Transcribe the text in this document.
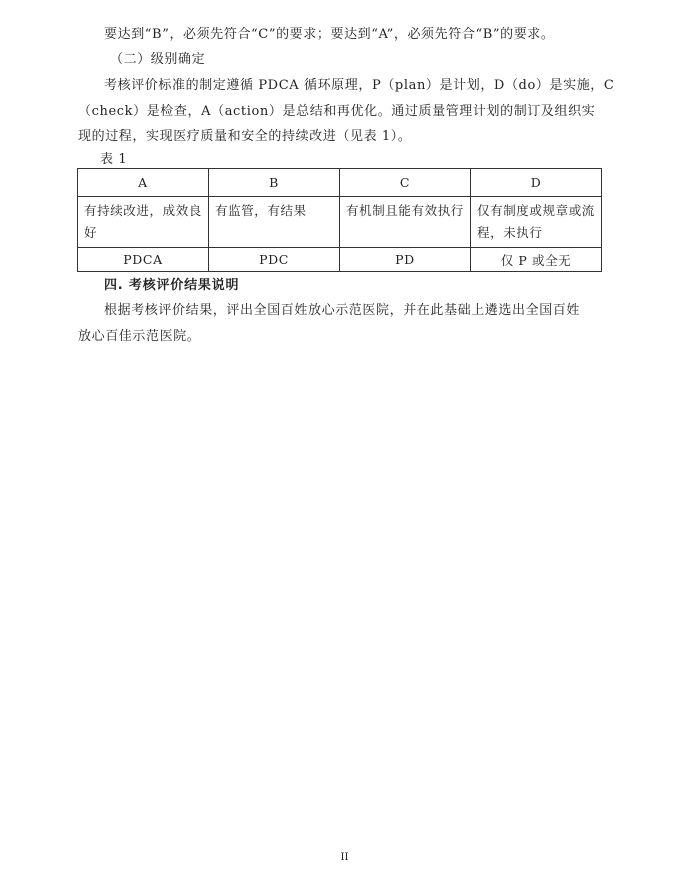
要达到“B”，必须先符合“C”的要求；要达到“A”，必须先符合“B”的要求。
（二）级别确定
考核评价标准的制定遵循 PDCA 循环原理，P（plan）是计划，D（do）是实施，C
（check）是检查，A（action）是总结和再优化。通过质量管理计划的制订及组织实
现的过程，实现医疗质量和安全的持续改进（见表 1）。
表 1
A	B	C	D
有持续改进，成效良好	有监管，有结果	有机制且能有效执行	仅有制度或规章或流程，未执行
PDCA	PDC	PD	仅 P 或全无
四. 考核评价结果说明
根据考核评价结果，评出全国百姓放心示范医院，并在此基础上遴选出全国百姓
放心百佳示范医院。
II
